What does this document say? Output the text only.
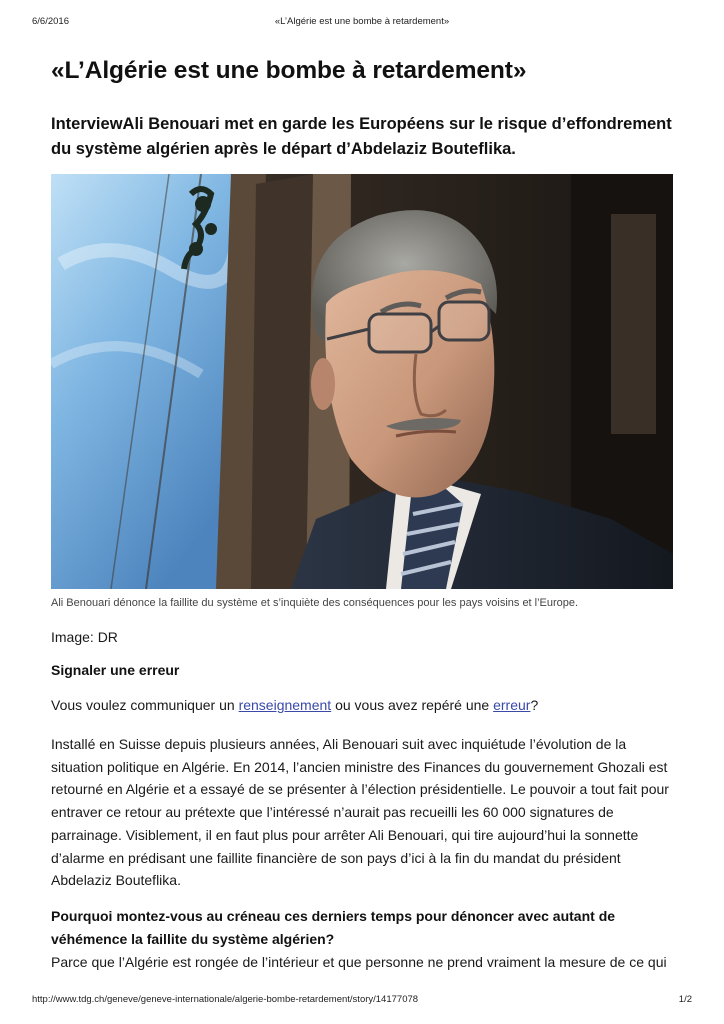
6/6/2016	«L’Algérie est une bombe à retardement»
«L’Algérie est une bombe à retardement»

InterviewAli Benouari met en garde les Européens sur le risque d’effondrement du système algérien après le départ d’Abdelaziz Bouteflika.

Ali Benouari dénonce la faillite du système et s’inquiète des conséquences pour les pays voisins et l’Europe.
Image: DR
Signaler une erreur
Vous voulez communiquer un renseignement ou vous avez repéré une erreur?

Installé en Suisse depuis plusieurs années, Ali Benouari suit avec inquiétude l’évolution de la situation politique en Algérie. En 2014, l’ancien ministre des Finances du gouvernement Ghozali est retourné en Algérie et a essayé de se présenter à l’élection présidentielle. Le pouvoir a tout fait pour entraver ce retour au prétexte que l’intéressé n’aurait pas recueilli les 60 000 signatures de parrainage. Visiblement, il en faut plus pour arrêter Ali Benouari, qui tire aujourd’hui la sonnette d’alarme en prédisant une faillite financière de son pays d’ici à la fin du mandat du président Abdelaziz Bouteflika.

Pourquoi montez-vous au créneau ces derniers temps pour dénoncer avec autant de véhémence la faillite du système algérien?

Parce que l’Algérie est rongée de l’intérieur et que personne ne prend vraiment la mesure de ce qui

http://www.tdg.ch/geneve/geneve-internationale/algerie-bombe-retardement/story/14177078	1/2
